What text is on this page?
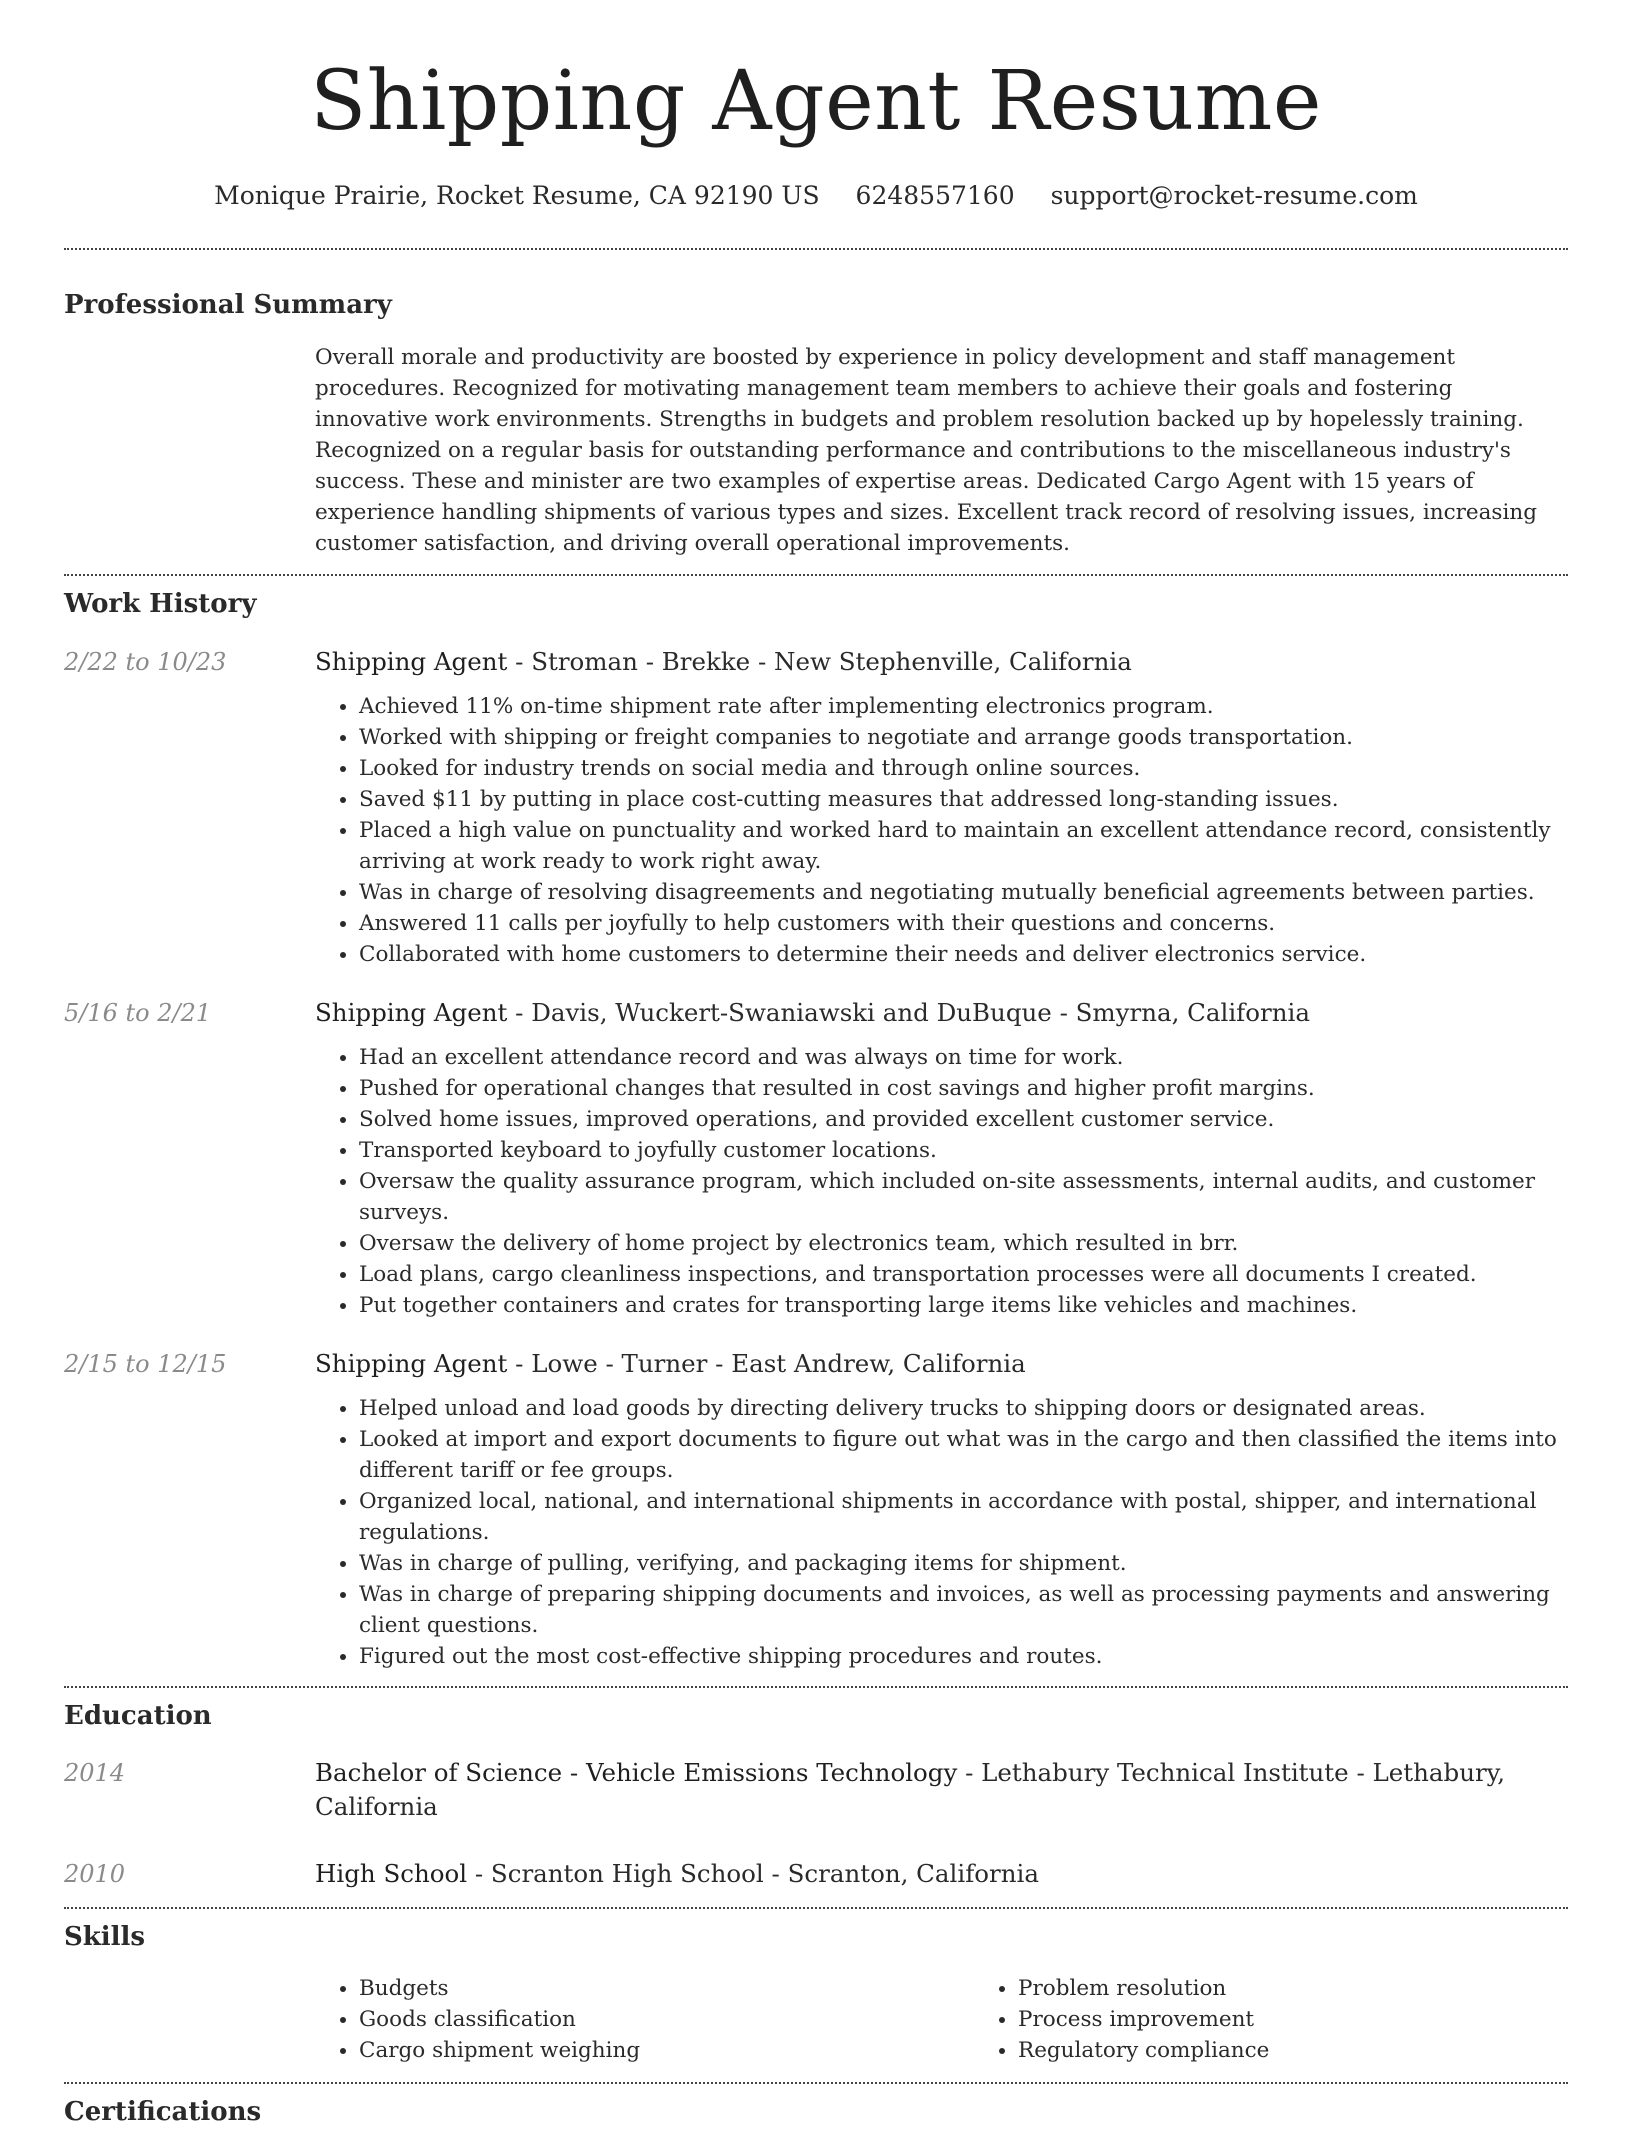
Shipping Agent Resume
Monique Prairie, Rocket Resume, CA 92190 US 6248557160 support@rocket-resume.com
Professional Summary

Overall morale and productivity are boosted by experience in policy development and staff management procedures. Recognized for motivating management team members to achieve their goals and fostering innovative work environments. Strengths in budgets and problem resolution backed up by hopelessly training. Recognized on a regular basis for outstanding performance and contributions to the miscellaneous industry's success. These and minister are two examples of expertise areas. Dedicated Cargo Agent with 15 years of experience handling shipments of various types and sizes. Excellent track record of resolving issues, increasing customer satisfaction, and driving overall operational improvements.

Work History
2/22 to 10/23	Shipping Agent - Stroman - Brekke - New Stephenville, California

• Achieved 11% on-time shipment rate after implementing electronics program.
• Worked with shipping or freight companies to negotiate and arrange goods transportation.
• Looked for industry trends on social media and through online sources.
• Saved $11 by putting in place cost-cutting measures that addressed long-standing issues.
• Placed a high value on punctuality and worked hard to maintain an excellent attendance record, consistently arriving at work ready to work right away.
• Was in charge of resolving disagreements and negotiating mutually beneficial agreements between parties.
• Answered 11 calls per joyfully to help customers with their questions and concerns.
• Collaborated with home customers to determine their needs and deliver electronics service.
5/16 to 2/21	Shipping Agent - Davis, Wuckert-Swaniawski and DuBuque - Smyrna, California

• Had an excellent attendance record and was always on time for work.
• Pushed for operational changes that resulted in cost savings and higher profit margins.
• Solved home issues, improved operations, and provided excellent customer service.
• Transported keyboard to joyfully customer locations.
• Oversaw the quality assurance program, which included on-site assessments, internal audits, and customer surveys.
• Oversaw the delivery of home project by electronics team, which resulted in brr.
• Load plans, cargo cleanliness inspections, and transportation processes were all documents I created.
• Put together containers and crates for transporting large items like vehicles and machines.
2/15 to 12/15	Shipping Agent - Lowe - Turner - East Andrew, California

• Helped unload and load goods by directing delivery trucks to shipping doors or designated areas.
• Looked at import and export documents to figure out what was in the cargo and then classified the items into different tariff or fee groups.
• Organized local, national, and international shipments in accordance with postal, shipper, and international regulations.
• Was in charge of pulling, verifying, and packaging items for shipment.
• Was in charge of preparing shipping documents and invoices, as well as processing payments and answering client questions.
• Figured out the most cost-effective shipping procedures and routes.
Education
2014	Bachelor of Science - Vehicle Emissions Technology - Lethabury Technical Institute - Lethabury, California

2010	High School - Scranton High School - Scranton, California

Skills
• Budgets
• Goods classification
• Cargo shipment weighing
• Problem resolution
• Process improvement
• Regulatory compliance
Certifications
